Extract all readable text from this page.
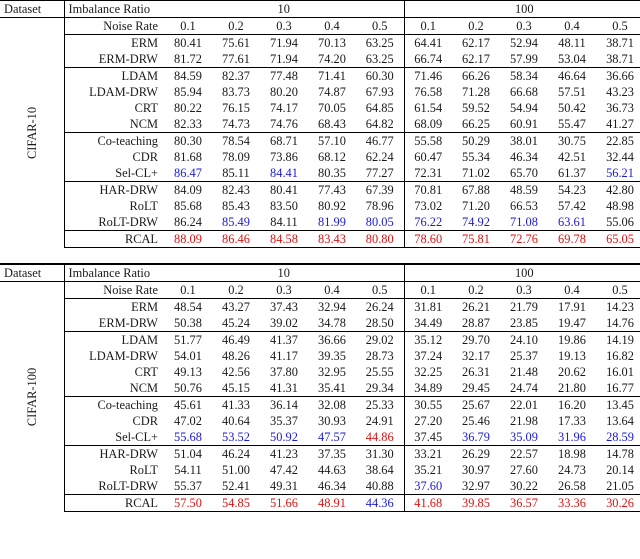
Dataset	Imbalance Ratio	10					100				

CIFAR-10	Noise Rate	0.1	0.2	0.3	0.4	0.5	0.1	0.2	0.3	0.4	0.5
	ERM	80.41	75.61	71.94	70.13	63.25	64.41	62.17	52.94	48.11	38.71
	ERM-DRW	81.72	77.61	71.94	74.20	63.25	66.74	62.17	57.99	53.04	38.71
	LDAM	84.59	82.37	77.48	71.41	60.30	71.46	66.26	58.34	46.64	36.66
	LDAM-DRW	85.94	83.73	80.20	74.87	67.93	76.58	71.28	66.68	57.51	43.23
	CRT	80.22	76.15	74.17	70.05	64.85	61.54	59.52	54.94	50.42	36.73
	NCM	82.33	74.73	74.76	68.43	64.82	68.09	66.25	60.91	55.47	41.27
	Co-teaching	80.30	78.54	68.71	57.10	46.77	55.58	50.29	38.01	30.75	22.85
	CDR	81.68	78.09	73.86	68.12	62.24	60.47	55.34	46.34	42.51	32.44
	Sel-CL+	86.47	85.11	84.41	80.35	77.27	72.31	71.02	65.70	61.37	56.21
	HAR-DRW	84.09	82.43	80.41	77.43	67.39	70.81	67.88	48.59	54.23	42.80
	RoLT	85.68	85.43	83.50	80.92	78.96	73.02	71.20	66.53	57.42	48.98
	RoLT-DRW	86.24	85.49	84.11	81.99	80.05	76.22	74.92	71.08	63.61	55.06
	RCAL	88.09	86.46	84.58	83.43	80.80	78.60	75.81	72.76	69.78	65.05

Dataset	Imbalance Ratio	10					100				

CIFAR-100	Noise Rate	0.1	0.2	0.3	0.4	0.5	0.1	0.2	0.3	0.4	0.5
	ERM	48.54	43.27	37.43	32.94	26.24	31.81	26.21	21.79	17.91	14.23
	ERM-DRW	50.38	45.24	39.02	34.78	28.50	34.49	28.87	23.85	19.47	14.76
	LDAM	51.77	46.49	41.37	36.66	29.02	35.12	29.70	24.10	19.86	14.19
	LDAM-DRW	54.01	48.26	41.17	39.35	28.73	37.24	32.17	25.37	19.13	16.82
	CRT	49.13	42.56	37.80	32.95	25.55	32.25	26.31	21.48	20.62	16.01
	NCM	50.76	45.15	41.31	35.41	29.34	34.89	29.45	24.74	21.80	16.77
	Co-teaching	45.61	41.33	36.14	32.08	25.33	30.55	25.67	22.01	16.20	13.45
	CDR	47.02	40.64	35.37	30.93	24.91	27.20	25.46	21.98	17.33	13.64
	Sel-CL+	55.68	53.52	50.92	47.57	44.86	37.45	36.79	35.09	31.96	28.59
	HAR-DRW	51.04	46.24	41.23	37.35	31.30	33.21	26.29	22.57	18.98	14.78
	RoLT	54.11	51.00	47.42	44.63	38.64	35.21	30.97	27.60	24.73	20.14
	RoLT-DRW	55.37	52.41	49.31	46.34	40.88	37.60	32.97	30.22	26.58	21.05
	RCAL	57.50	54.85	51.66	48.91	44.36	41.68	39.85	36.57	33.36	30.26
